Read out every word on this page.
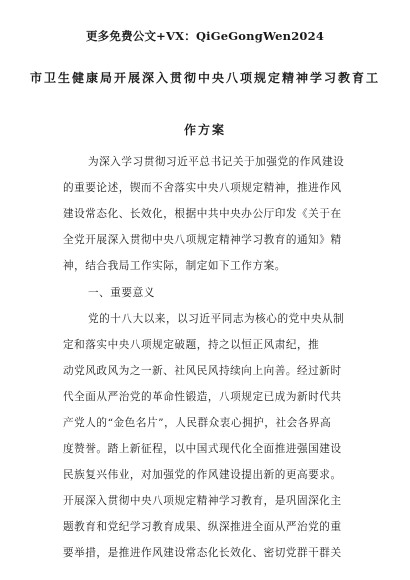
更多免费公文+VX：QiGeGongWen2024
市卫生健康局开展深入贯彻中央八项规定精神学习教育工
作方案
为深入学习贯彻习近平总书记关于加强党的作风建设
的重要论述，锲而不舍落实中央八项规定精神，推进作风
建设常态化、长效化，根据中共中央办公厅印发《关于在
全党开展深入贯彻中央八项规定精神学习教育的通知》精
神，结合我局工作实际，制定如下工作方案。
一、重要意义
党的十八大以来，以习近平同志为核心的党中央从制
定和落实中央八项规定破题，持之以恒正风肃纪，推
动党风政风为之一新、社风民风持续向上向善。经过新时
代全面从严治党的革命性锻造，八项规定已成为新时代共
产党人的“金色名片”，人民群众衷心拥护，社会各界高
度赞誉。踏上新征程，以中国式现代化全面推进强国建设
民族复兴伟业，对加强党的作风建设提出新的更高要求。
开展深入贯彻中央八项规定精神学习教育，是巩固深化主
题教育和党纪学习教育成果、纵深推进全面从严治党的重
要举措，是推进作风建设常态化长效化、密切党群干群关
